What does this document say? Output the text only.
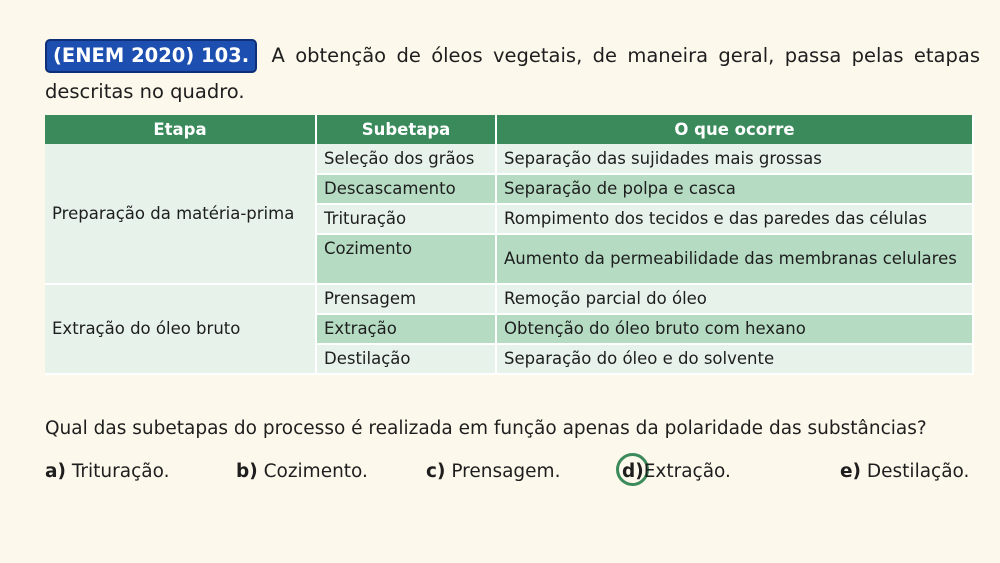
(ENEM 2020) 103. A obtenção de óleos vegetais, de maneira geral, passa pelas etapas descritas no quadro.
Etapa	Subetapa	O que ocorre
Preparação da matéria-prima	Seleção dos grãos	Separação das sujidades mais grossas
	Descascamento	Separação de polpa e casca
	Trituração	Rompimento dos tecidos e das paredes das células
	Cozimento	Aumento da permeabilidade das membranas celulares
Extração do óleo bruto	Prensagem	Remoção parcial do óleo
	Extração	Obtenção do óleo bruto com hexano
	Destilação	Separação do óleo e do solvente
Qual das subetapas do processo é realizada em função apenas da polaridade das substâncias?
a) Trituração.	b) Cozimento.	c) Prensagem.	d)Extração.	e) Destilação.
